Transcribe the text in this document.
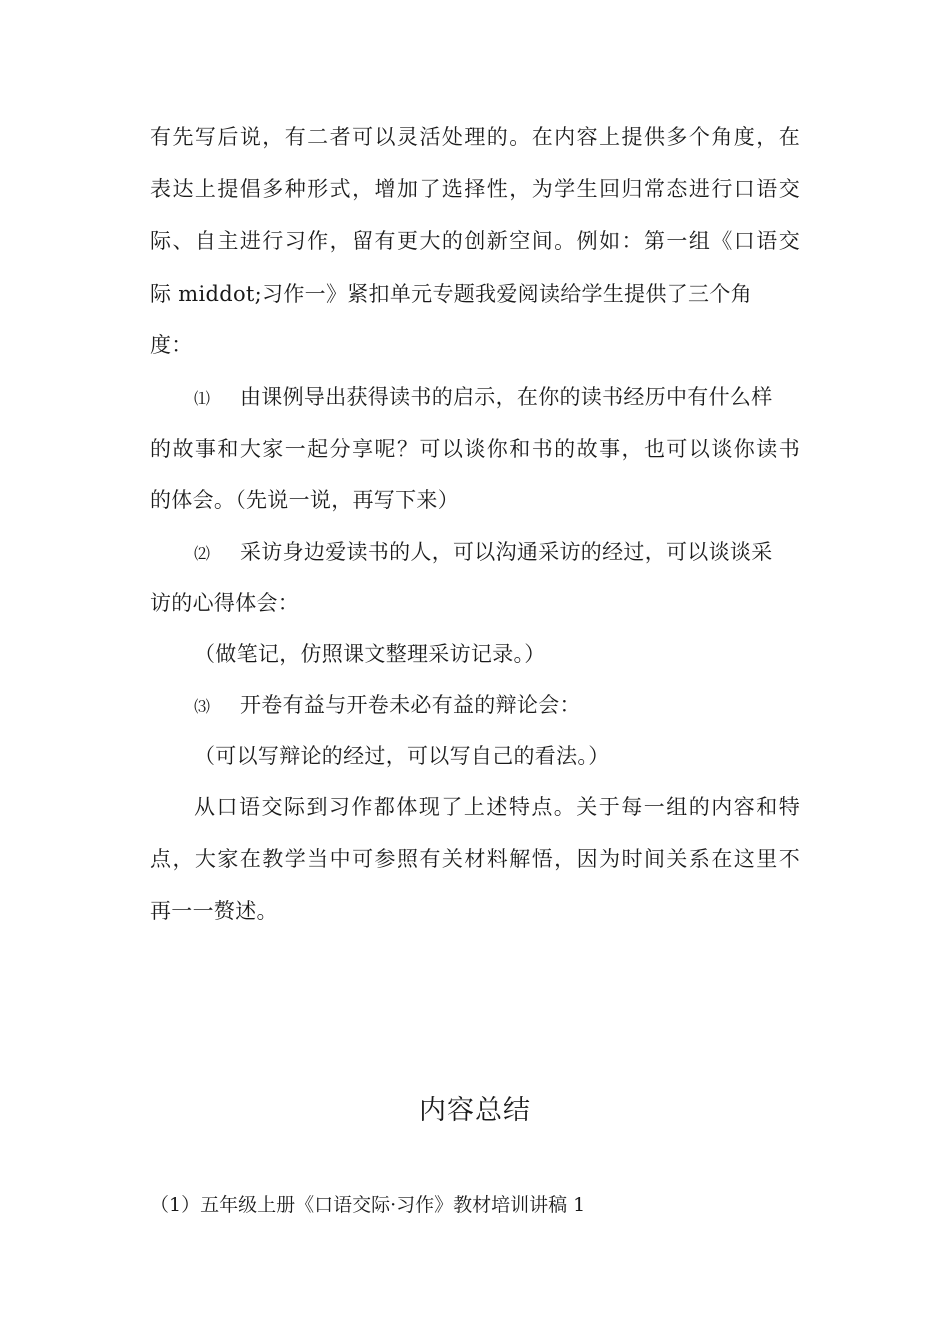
有先写后说，有二者可以灵活处理的。在内容上提供多个角度，在
表达上提倡多种形式，增加了选择性，为学生回归常态进行口语交
际、自主进行习作，留有更大的创新空间。例如：第一组《口语交
际 middot;习作一》紧扣单元专题我爱阅读给学生提供了三个角
度：
⑴ 由课例导出获得读书的启示，在你的读书经历中有什么样
的故事和大家一起分享呢？可以谈你和书的故事，也可以谈你读书
的体会。（先说一说，再写下来）
⑵ 采访身边爱读书的人，可以沟通采访的经过，可以谈谈采
访的心得体会：
（做笔记，仿照课文整理采访记录。）
⑶ 开卷有益与开卷未必有益的辩论会：
（可以写辩论的经过，可以写自己的看法。）
从口语交际到习作都体现了上述特点。关于每一组的内容和特
点，大家在教学当中可参照有关材料解悟，因为时间关系在这里不
再一一赘述。
内容总结
（1）五年级上册《口语交际·习作》教材培训讲稿 1
